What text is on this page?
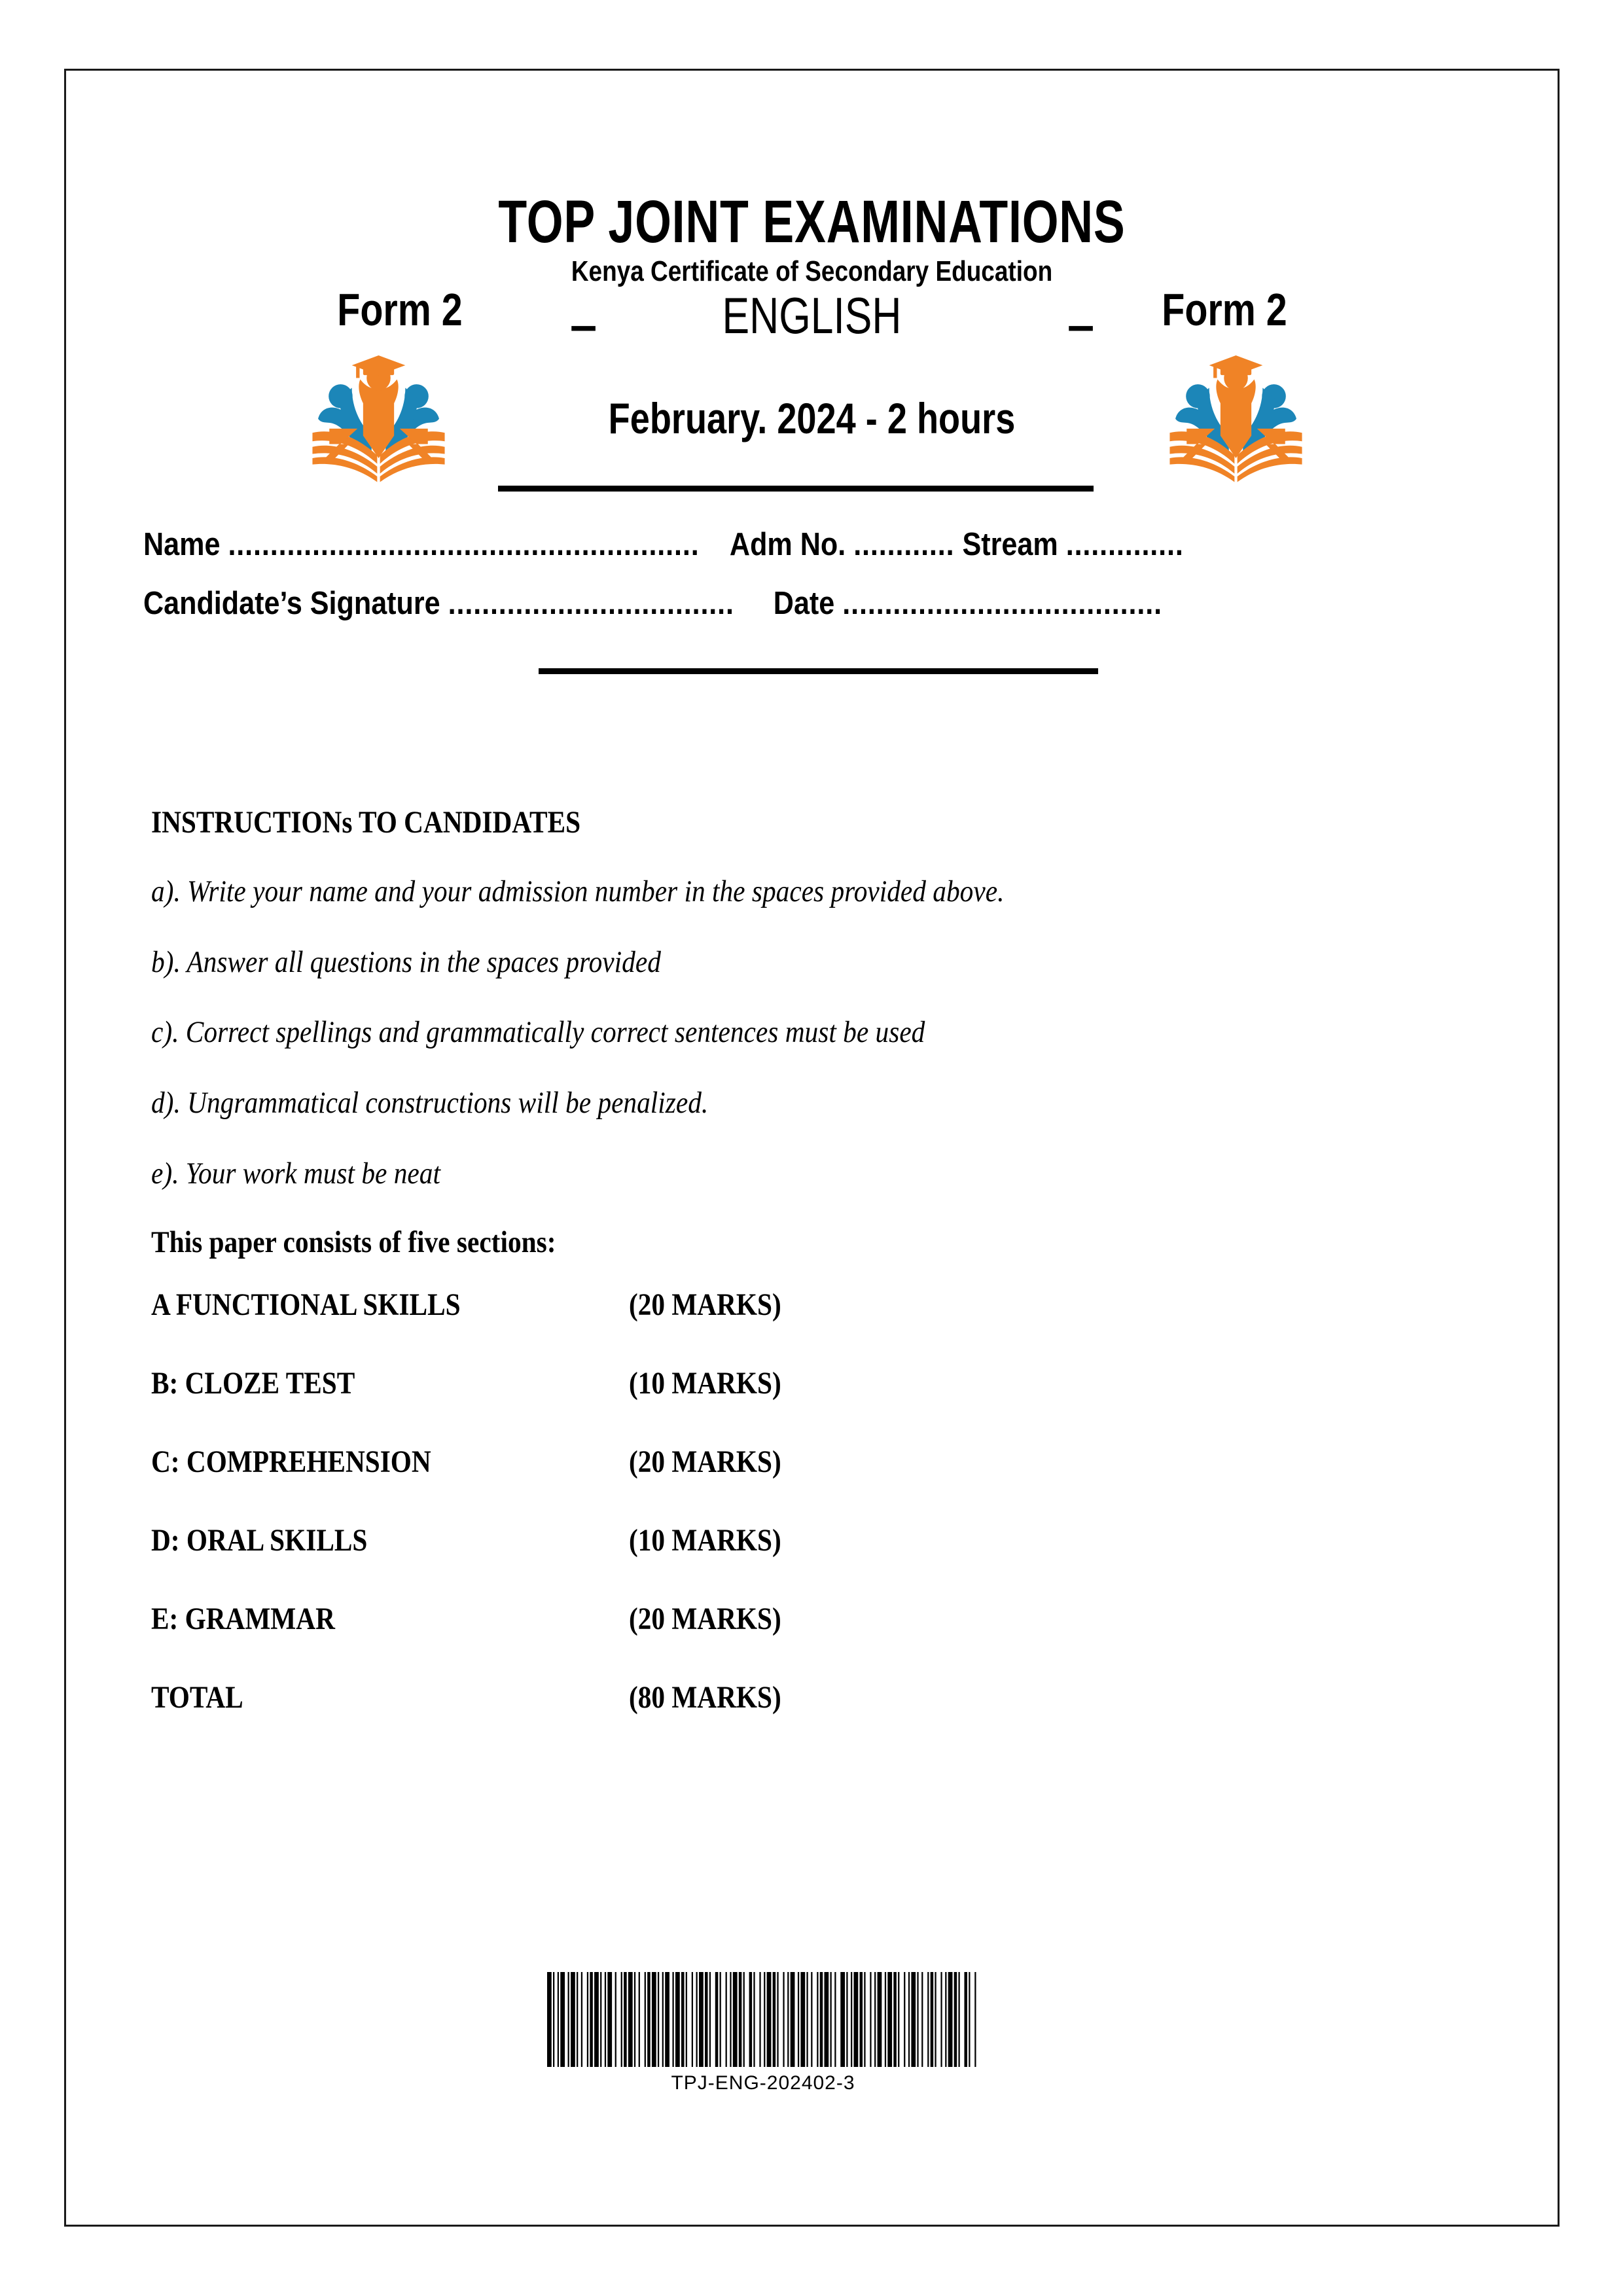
TOP JOINT EXAMINATIONS
Kenya Certificate of Secondary Education
Form 2	–	ENGLISH	–	Form 2
February. 2024 - 2 hours
Name ........................................................ Adm No. ............ Stream ..............
Candidate’s Signature .................................. Date ......................................
INSTRUCTIONs TO CANDIDATES
a). Write your name and your admission number in the spaces provided above.
b). Answer all questions in the spaces provided
c). Correct spellings and grammatically correct sentences must be used
d). Ungrammatical constructions will be penalized.
e). Your work must be neat
This paper consists of five sections:
A FUNCTIONAL SKILLS	(20 MARKS)
B: CLOZE TEST	(10 MARKS)
C: COMPREHENSION	(20 MARKS)
D: ORAL SKILLS	(10 MARKS)
E: GRAMMAR	(20 MARKS)
TOTAL	(80 MARKS)
TPJ-ENG-202402-3
